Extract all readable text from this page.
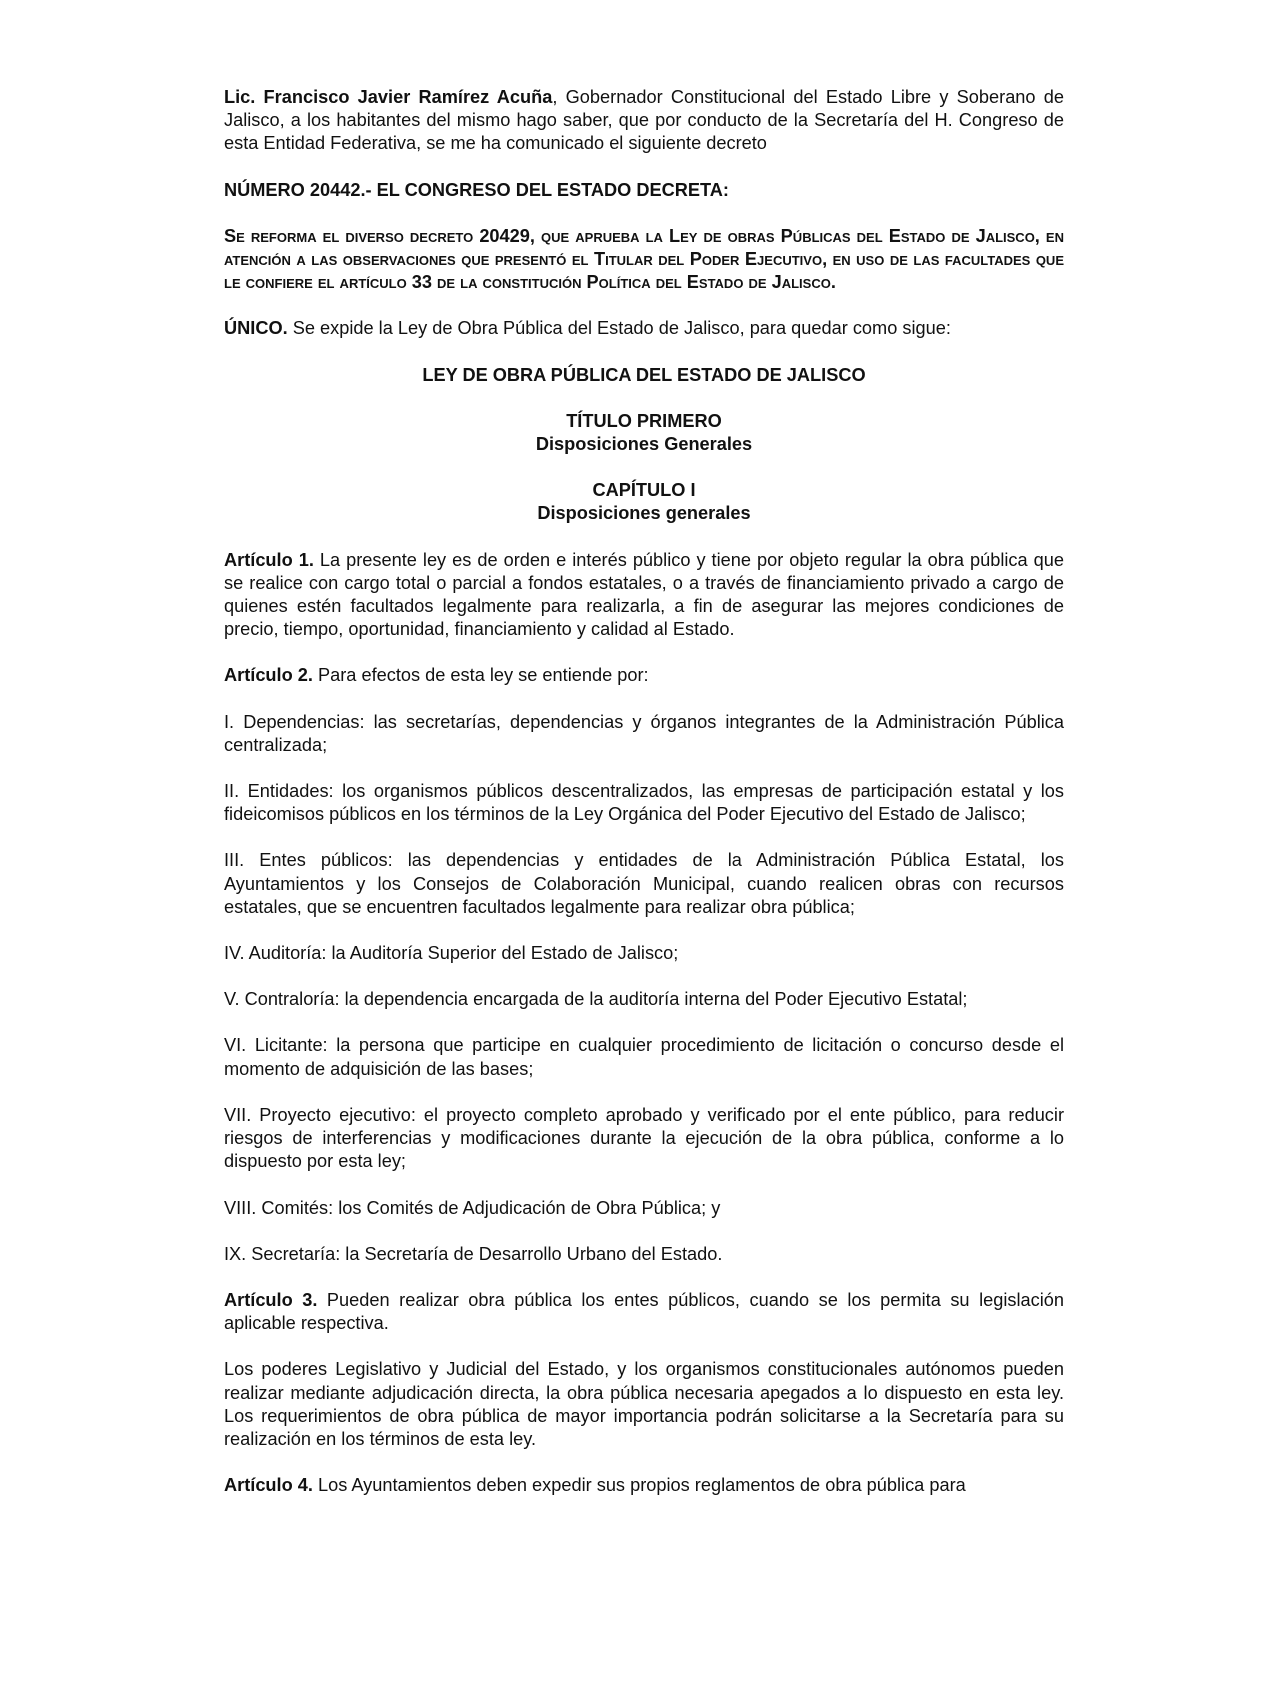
Lic. Francisco Javier Ramírez Acuña, Gobernador Constitucional del Estado Libre y Soberano de Jalisco, a los habitantes del mismo hago saber, que por conducto de la Secretaría del H. Congreso de esta Entidad Federativa, se me ha comunicado el siguiente decreto

NÚMERO 20442.- EL CONGRESO DEL ESTADO DECRETA:

Se reforma el diverso decreto 20429, que aprueba la Ley de obras Públicas del Estado de Jalisco, en atención a las observaciones que presentó el Titular del Poder Ejecutivo, en uso de las facultades que le confiere el artículo 33 de la constitución Política del Estado de Jalisco.

ÚNICO. Se expide la Ley de Obra Pública del Estado de Jalisco, para quedar como sigue:

LEY DE OBRA PÚBLICA DEL ESTADO DE JALISCO

TÍTULO PRIMERO
Disposiciones Generales

CAPÍTULO I
Disposiciones generales

Artículo 1. La presente ley es de orden e interés público y tiene por objeto regular la obra pública que se realice con cargo total o parcial a fondos estatales, o a través de financiamiento privado a cargo de quienes estén facultados legalmente para realizarla, a fin de asegurar las mejores condiciones de precio, tiempo, oportunidad, financiamiento y calidad al Estado.

Artículo 2. Para efectos de esta ley se entiende por:

I. Dependencias: las secretarías, dependencias y órganos integrantes de la Administración Pública centralizada;

II. Entidades: los organismos públicos descentralizados, las empresas de participación estatal y los fideicomisos públicos en los términos de la Ley Orgánica del Poder Ejecutivo del Estado de Jalisco;

III. Entes públicos: las dependencias y entidades de la Administración Pública Estatal, los Ayuntamientos y los Consejos de Colaboración Municipal, cuando realicen obras con recursos estatales, que se encuentren facultados legalmente para realizar obra pública;

IV. Auditoría: la Auditoría Superior del Estado de Jalisco;

V. Contraloría: la dependencia encargada de la auditoría interna del Poder Ejecutivo Estatal;

VI. Licitante: la persona que participe en cualquier procedimiento de licitación o concurso desde el momento de adquisición de las bases;

VII. Proyecto ejecutivo: el proyecto completo aprobado y verificado por el ente público, para reducir riesgos de interferencias y modificaciones durante la ejecución de la obra pública, conforme a lo dispuesto por esta ley;

VIII. Comités: los Comités de Adjudicación de Obra Pública; y

IX. Secretaría: la Secretaría de Desarrollo Urbano del Estado.

Artículo 3. Pueden realizar obra pública los entes públicos, cuando se los permita su legislación aplicable respectiva.

Los poderes Legislativo y Judicial del Estado, y los organismos constitucionales autónomos pueden realizar mediante adjudicación directa, la obra pública necesaria apegados a lo dispuesto en esta ley. Los requerimientos de obra pública de mayor importancia podrán solicitarse a la Secretaría para su realización en los términos de esta ley.

Artículo 4. Los Ayuntamientos deben expedir sus propios reglamentos de obra pública para
